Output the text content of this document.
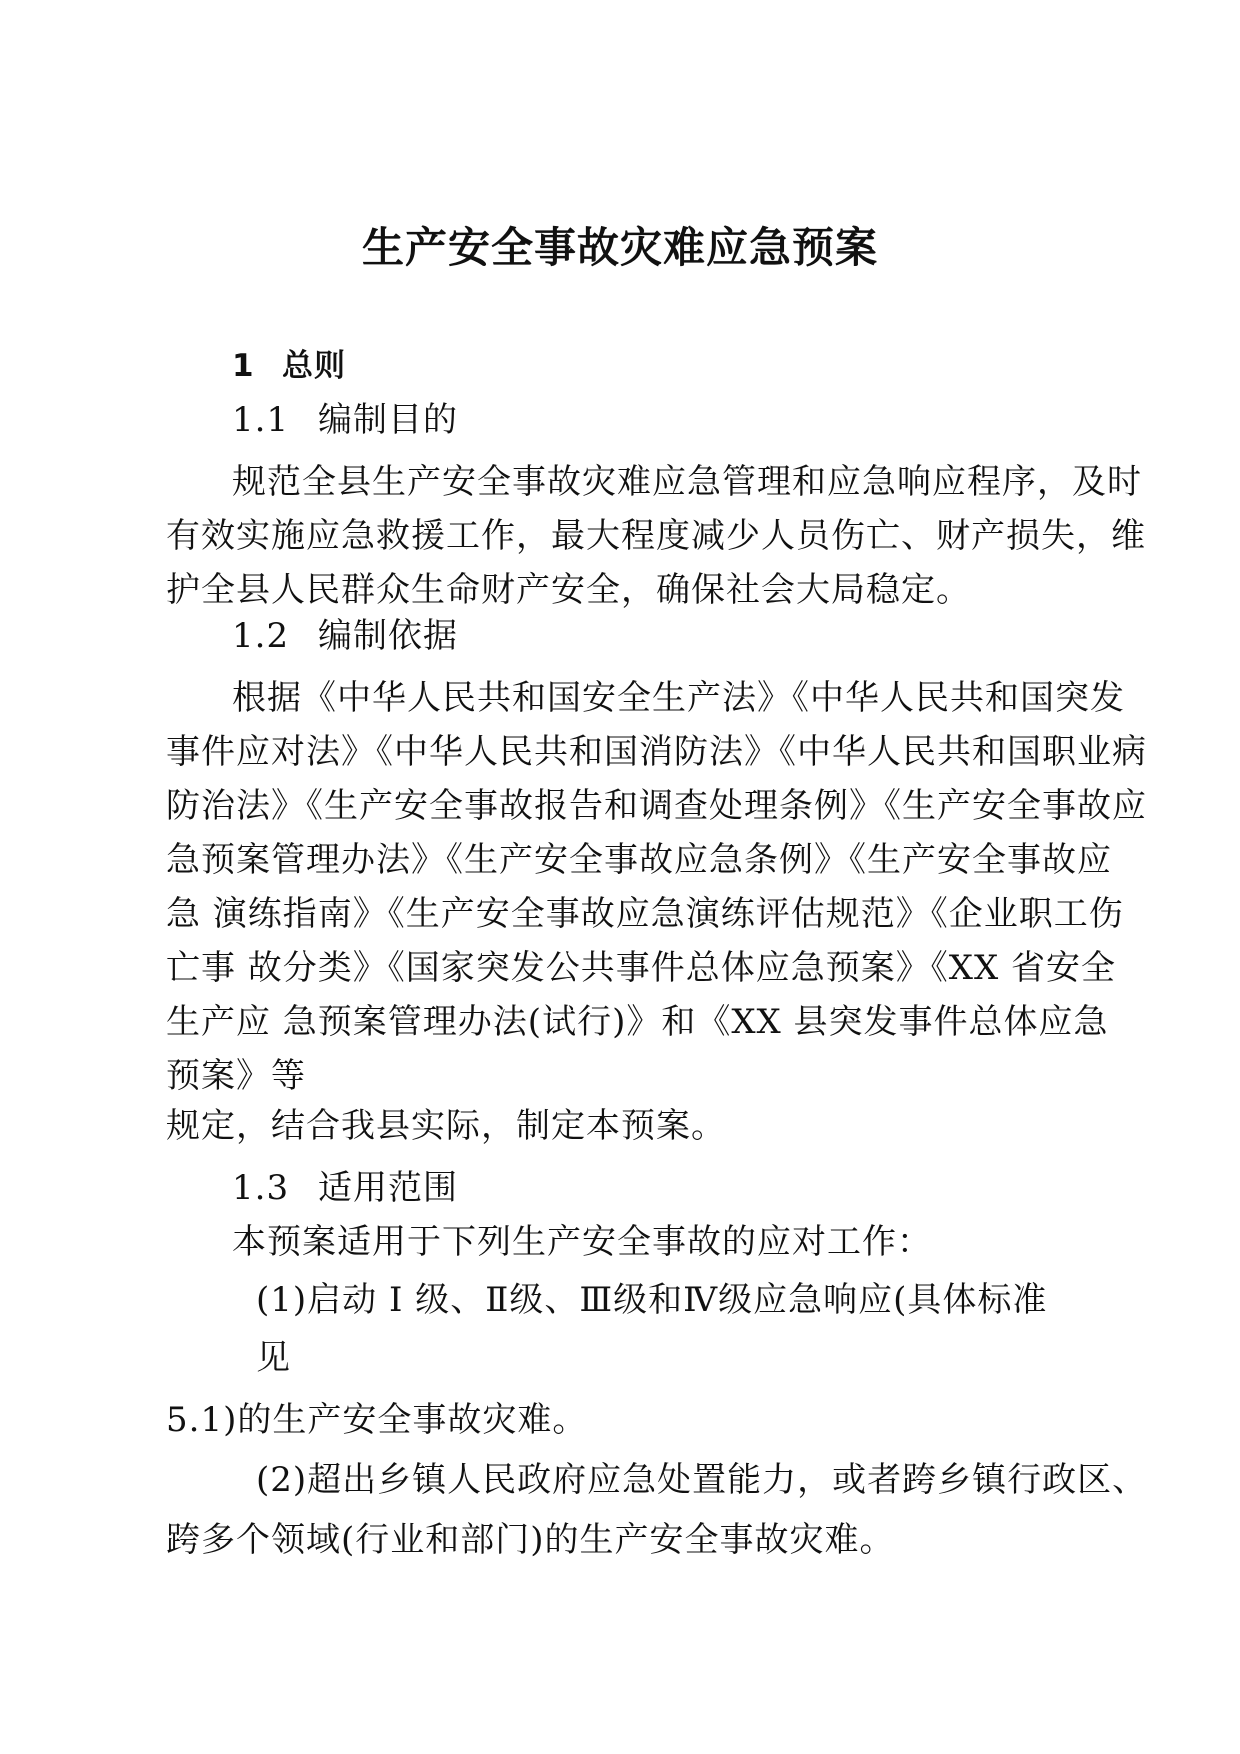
生产安全事故灾难应急预案
1 总则
1.1 编制目的
规范全县生产安全事故灾难应急管理和应急响应程序，及时
有效实施应急救援工作，最大程度减少人员伤亡、财产损失，维
护全县人民群众生命财产安全，确保社会大局稳定。
1.2 编制依据
根据《中华人民共和国安全生产法》《中华人民共和国突发
事件应对法》《中华人民共和国消防法》《中华人民共和国职业病
防治法》《生产安全事故报告和调查处理条例》《生产安全事故应
急预案管理办法》《生产安全事故应急条例》《生产安全事故应
急 演练指南》《生产安全事故应急演练评估规范》《企业职工伤
亡事 故分类》《国家突发公共事件总体应急预案》《XX 省安全
生产应 急预案管理办法(试行)》和《XX 县突发事件总体应急
预案》等
规定，结合我县实际，制定本预案。
1.3 适用范围
本预案适用于下列生产安全事故的应对工作：
(1)启动 Ⅰ 级、Ⅱ级、Ⅲ级和Ⅳ级应急响应(具体标准
见
5.1)的生产安全事故灾难。
(2)超出乡镇人民政府应急处置能力，或者跨乡镇行政区、
跨多个领域(行业和部门)的生产安全事故灾难。
